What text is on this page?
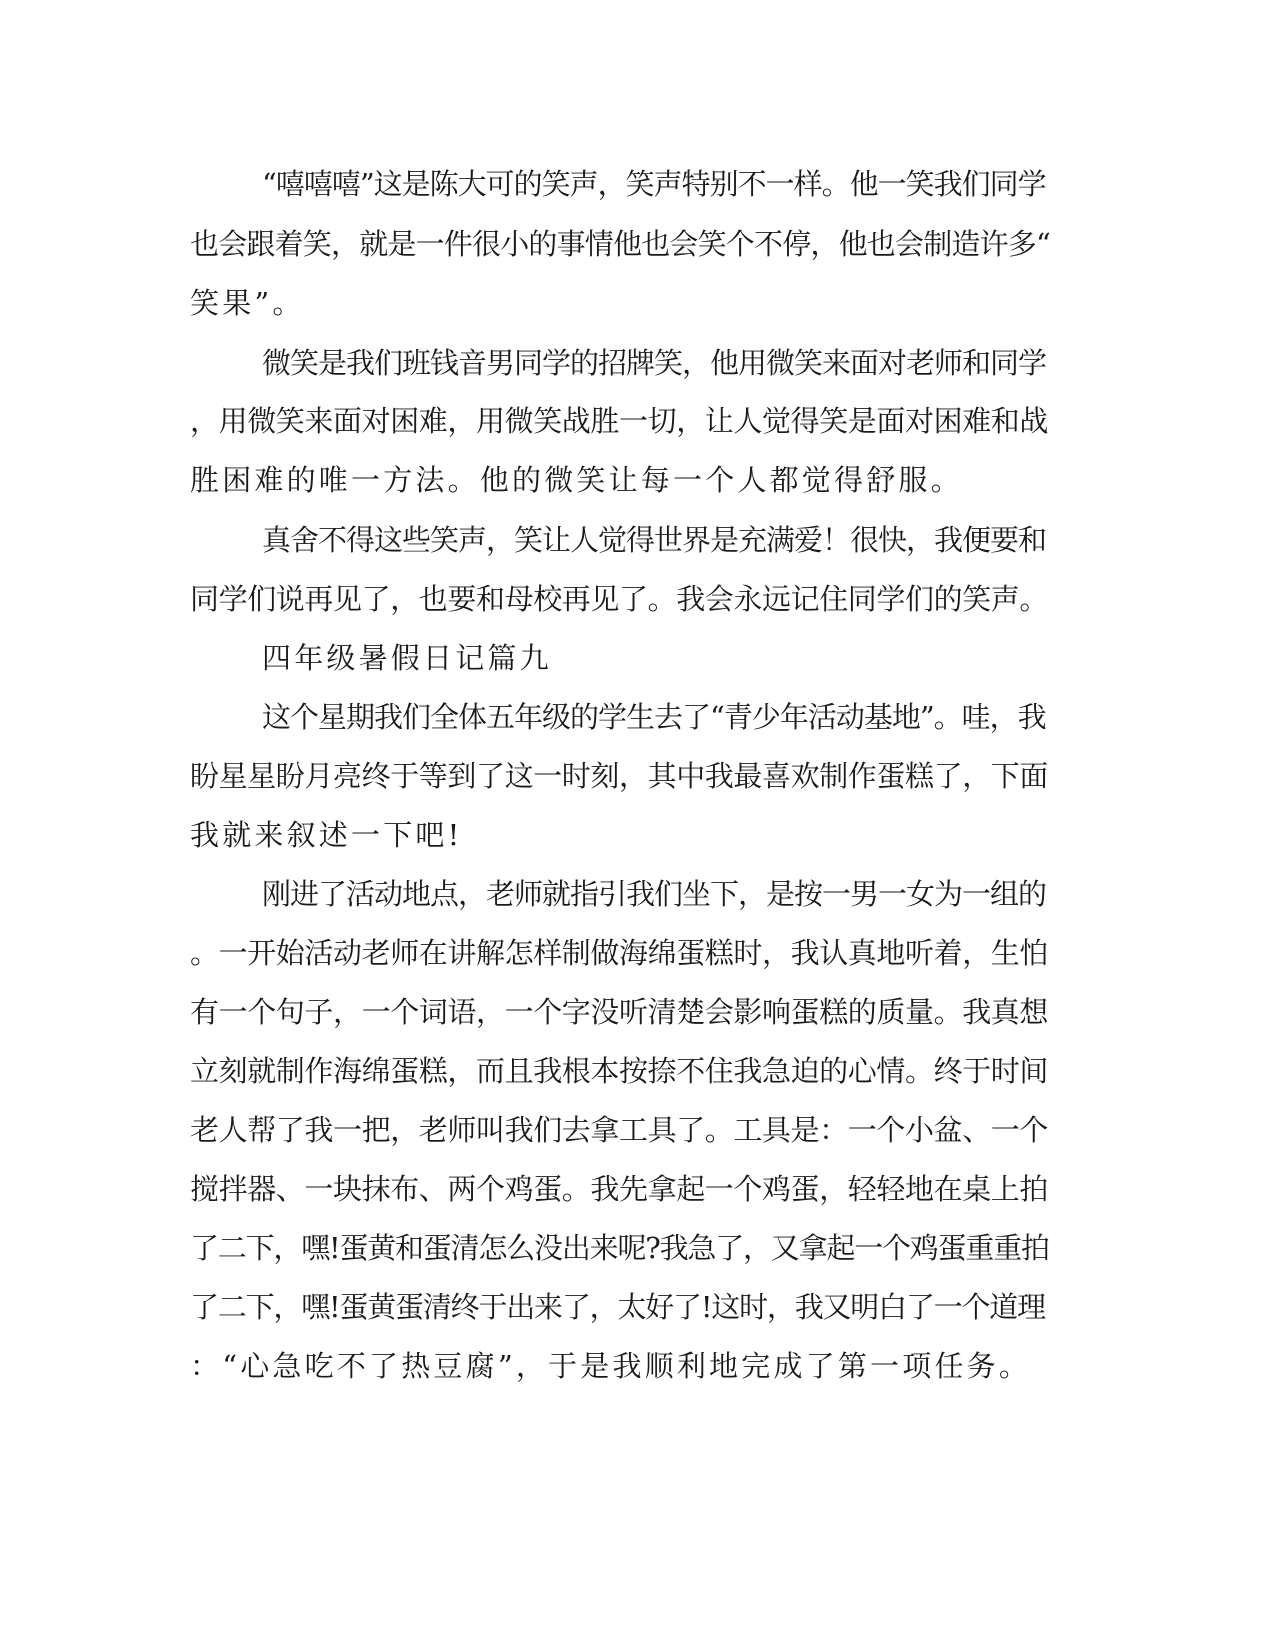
“嘻嘻嘻”这是陈大可的笑声，笑声特别不一样。他一笑我们同学
也会跟着笑，就是一件很小的事情他也会笑个不停，他也会制造许多“
笑果”。
微笑是我们班钱音男同学的招牌笑，他用微笑来面对老师和同学
，用微笑来面对困难，用微笑战胜一切，让人觉得笑是面对困难和战
胜困难的唯一方法。他的微笑让每一个人都觉得舒服。
真舍不得这些笑声，笑让人觉得世界是充满爱！很快，我便要和
同学们说再见了，也要和母校再见了。我会永远记住同学们的笑声。
四年级暑假日记篇九
这个星期我们全体五年级的学生去了“青少年活动基地”。哇，我
盼星星盼月亮终于等到了这一时刻，其中我最喜欢制作蛋糕了，下面
我就来叙述一下吧!
刚进了活动地点，老师就指引我们坐下，是按一男一女为一组的
。一开始活动老师在讲解怎样制做海绵蛋糕时，我认真地听着，生怕
有一个句子，一个词语，一个字没听清楚会影响蛋糕的质量。我真想
立刻就制作海绵蛋糕，而且我根本按捺不住我急迫的心情。终于时间
老人帮了我一把，老师叫我们去拿工具了。工具是：一个小盆、一个
搅拌器、一块抹布、两个鸡蛋。我先拿起一个鸡蛋，轻轻地在桌上拍
了二下，嘿!蛋黄和蛋清怎么没出来呢?我急了，又拿起一个鸡蛋重重拍
了二下，嘿!蛋黄蛋清终于出来了，太好了!这时，我又明白了一个道理
：“心急吃不了热豆腐”，于是我顺利地完成了第一项任务。
